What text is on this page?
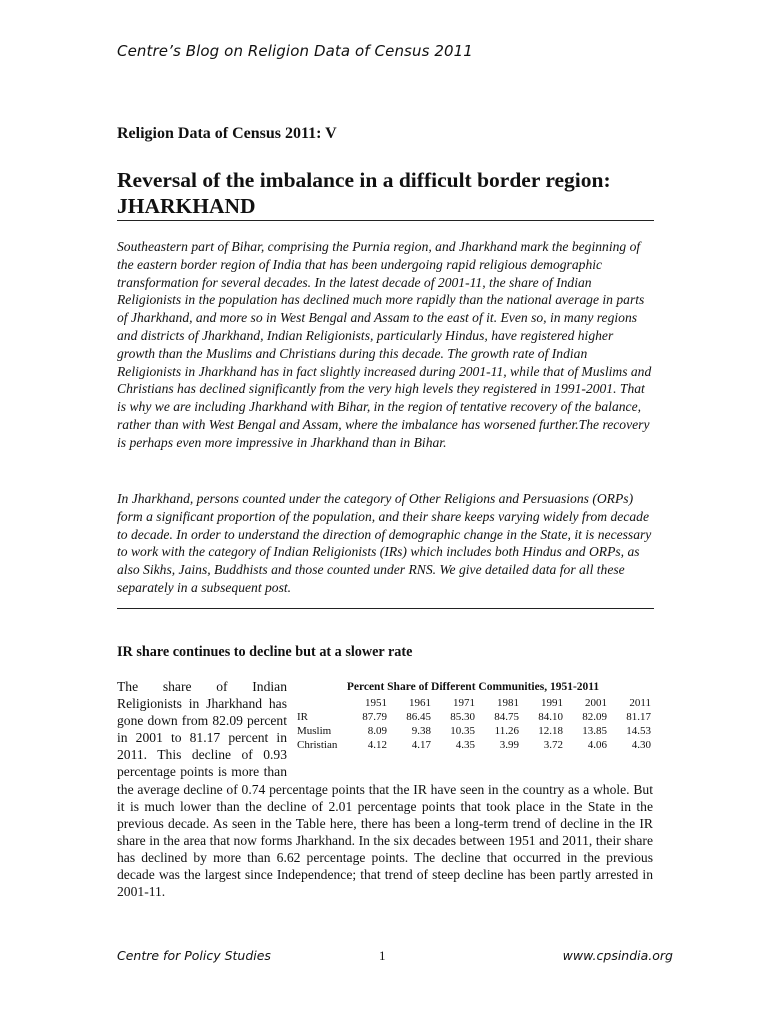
Centre’s Blog on Religion Data of Census 2011
Religion Data of Census 2011: V
Reversal of the imbalance in a difficult border region: JHARKHAND

Southeastern part of Bihar, comprising the Purnia region, and Jharkhand mark the beginning of the eastern border region of India that has been undergoing rapid religious demographic transformation for several decades. In the latest decade of 2001-11, the share of Indian Religionists in the population has declined much more rapidly than the national average in parts of Jharkhand, and more so in West Bengal and Assam to the east of it. Even so, in many regions and districts of Jharkhand, Indian Religionists, particularly Hindus, have registered higher growth than the Muslims and Christians during this decade. The growth rate of Indian Religionists in Jharkhand has in fact slightly increased during 2001-11, while that of Muslims and Christians has declined significantly from the very high levels they registered in 1991-2001. That is why we are including Jharkhand with Bihar, in the region of tentative recovery of the balance, rather than with West Bengal and Assam, where the imbalance has worsened further.The recovery is perhaps even more impressive in Jharkhand than in Bihar.

In Jharkhand, persons counted under the category of Other Religions and Persuasions (ORPs) form a significant proportion of the population, and their share keeps varying widely from decade to decade. In order to understand the direction of demographic change in the State, it is necessary to work with the category of Indian Religionists (IRs) which includes both Hindus and ORPs, as also Sikhs, Jains, Buddhists and those counted under RNS. We give detailed data for all these separately in a subsequent post.

IR share continues to decline but at a slower rate
Percent Share of Different Communities, 1951-2011
	1951	1961	1971	1981	1991	2001	2011
IR	87.79	86.45	85.30	84.75	84.10	82.09	81.17
Muslim	8.09	9.38	10.35	11.26	12.18	13.85	14.53
Christian	4.12	4.17	4.35	3.99	3.72	4.06	4.30
The share of Indian Religionists in Jharkhand has gone down from 82.09 percent in 2001 to 81.17 percent in 2011. This decline of 0.93 percentage points is more than the average decline of 0.74 percentage points that the IR have seen in the country as a whole. But it is much lower than the decline of 2.01 percentage points that took place in the State in the previous decade. As seen in the Table here, there has been a long-term trend of decline in the IR share in the area that now forms Jharkhand. In the six decades between 1951 and 2011, their share has declined by more than 6.62 percentage points. The decline that occurred in the previous decade was the largest since Independence; that trend of steep decline has been partly arrested in 2001-11.
Centre for Policy Studies	1	www.cpsindia.org
